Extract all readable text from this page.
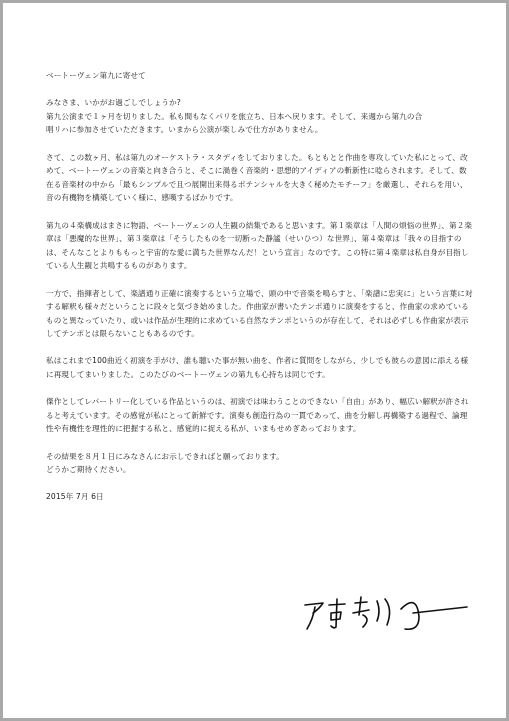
ベートーヴェン第九に寄せて

みなさま、いかがお過ごしでしょうか?
第九公演まで１ヶ月を切りました。私も間もなくパリを旅立ち、日本へ戻ります。そして、来週から第九の合
唱リハに参加させていただきます。いまから公演が楽しみで仕方がありません。

さて、この数ヶ月、私は第九のオーケストラ・スタディをしておりました。もともとと作曲を専攻していた私にとって、改めて、ベートーヴェンの音楽と向き合うと、そこに渦巻く音楽的・思想的アイディアの斬新性に唸らされます。そして、数在る音楽材の中から「最もシンプルで且つ展開出来得るポテンシャルを大きく秘めたモチーフ」を厳選し、それらを用い、音の有機物を構築していく様に、感嘆するばかりです。

第九の４楽構成はまさに物語、ベートーヴェンの人生観の結集であると思います。第１楽章は「人間の煩悩の世界」、第２楽章は「悪魔的な世界」、第３楽章は「そうしたものを一切断った静謐（せいひつ）な世界」、第４楽章は「我々の目指すのは、そんなことよりももっと宇宙的な愛に満ちた世界なんだ！という宣言」なのです。この特に第４楽章は私自身が目指している人生観と共鳴するものがあります。

一方で、指揮者として、楽譜通り正確に演奏するという立場で、頭の中で音楽を鳴らすと、「楽譜に忠実に」という言葉に対する解釈も様々だということに段々と気づき始めました。作曲家が書いたテンポ通りに演奏をすると、作曲家の求めているものと異なっていたり、或いは作品が生理的に求めている自然なテンポというのが存在して、それは必ずしも作曲家が表示してテンポとは限らないこともあるのです。

私はこれまで100曲近く初演を手がけ、誰も聴いた事が無い曲を、作者に質問をしながら、少しでも彼らの意図に添える様に再現してまいりました。このたびのベートーヴェンの第九も心持ちは同じです。

傑作としてレパートリー化している作品というのは、初演では味わうことのできない「自由」があり、幅広い解釈が許されると考えています。その感覚が私にとって新鮮です。演奏も創造行為の一貫であって、曲を分解し再構築する過程で、論理性や有機性を理性的に把握する私と、感覚的に捉える私が、いまもせめぎあっております。

その結果を８月１日にみなさんにお示しできればと願っております。
どうかご期待ください。

2015年 7月 6日
